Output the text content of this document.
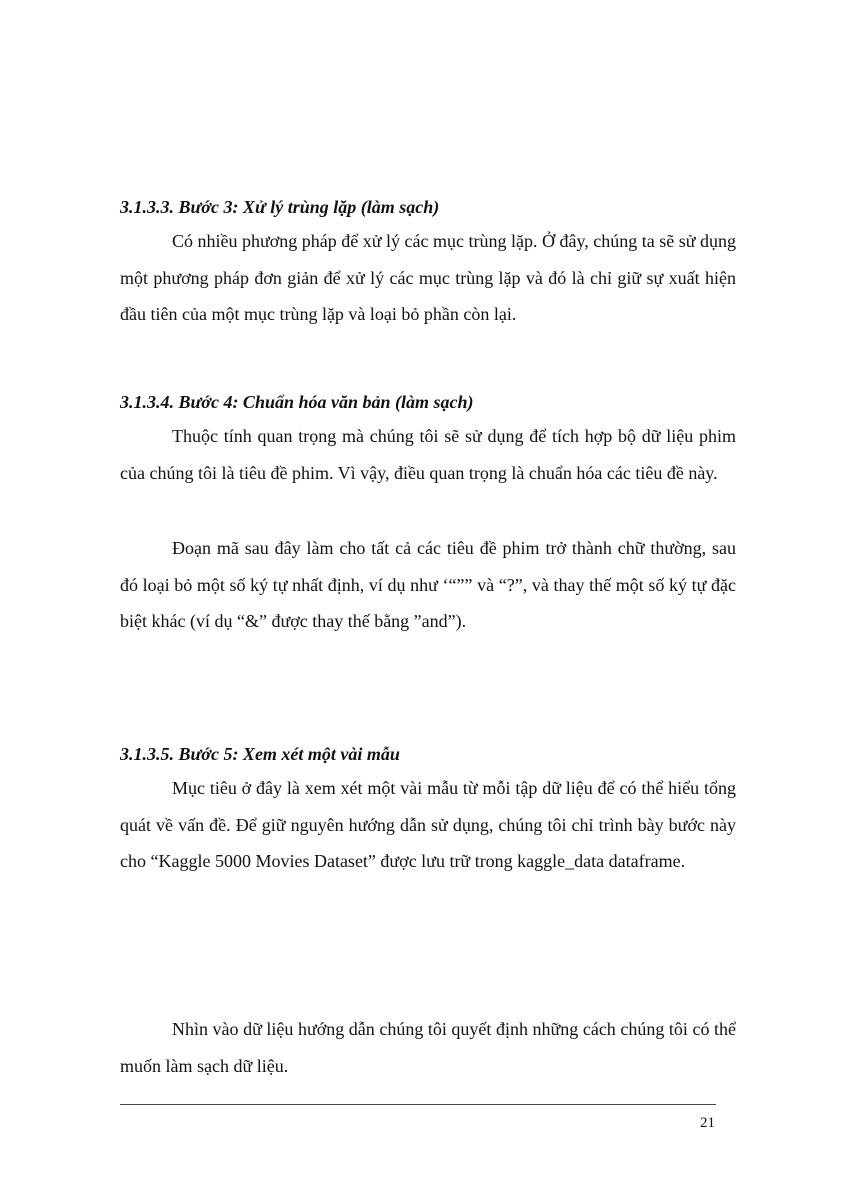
3.1.3.3. Bước 3: Xử lý trùng lặp (làm sạch)

Có nhiều phương pháp để xử lý các mục trùng lặp. Ở đây, chúng ta sẽ sử dụng một phương pháp đơn giản để xử lý các mục trùng lặp và đó là chỉ giữ sự xuất hiện đầu tiên của một mục trùng lặp và loại bỏ phần còn lại.

3.1.3.4. Bước 4: Chuẩn hóa văn bản (làm sạch)

Thuộc tính quan trọng mà chúng tôi sẽ sử dụng để tích hợp bộ dữ liệu phim của chúng tôi là tiêu đề phim. Vì vậy, điều quan trọng là chuẩn hóa các tiêu đề này.

Đoạn mã sau đây làm cho tất cả các tiêu đề phim trở thành chữ thường, sau đó loại bỏ một số ký tự nhất định, ví dụ như ‘“”” và “?”, và thay thế một số ký tự đặc biệt khác (ví dụ “&” được thay thế bằng ”and”).

3.1.3.5. Bước 5: Xem xét một vài mẫu

Mục tiêu ở đây là xem xét một vài mẫu từ mỗi tập dữ liệu để có thể hiểu tổng quát về vấn đề. Để giữ nguyên hướng dẫn sử dụng, chúng tôi chỉ trình bày bước này cho “Kaggle 5000 Movies Dataset” được lưu trữ trong kaggle_data dataframe.

Nhìn vào dữ liệu hướng dẫn chúng tôi quyết định những cách chúng tôi có thể muốn làm sạch dữ liệu.

21
